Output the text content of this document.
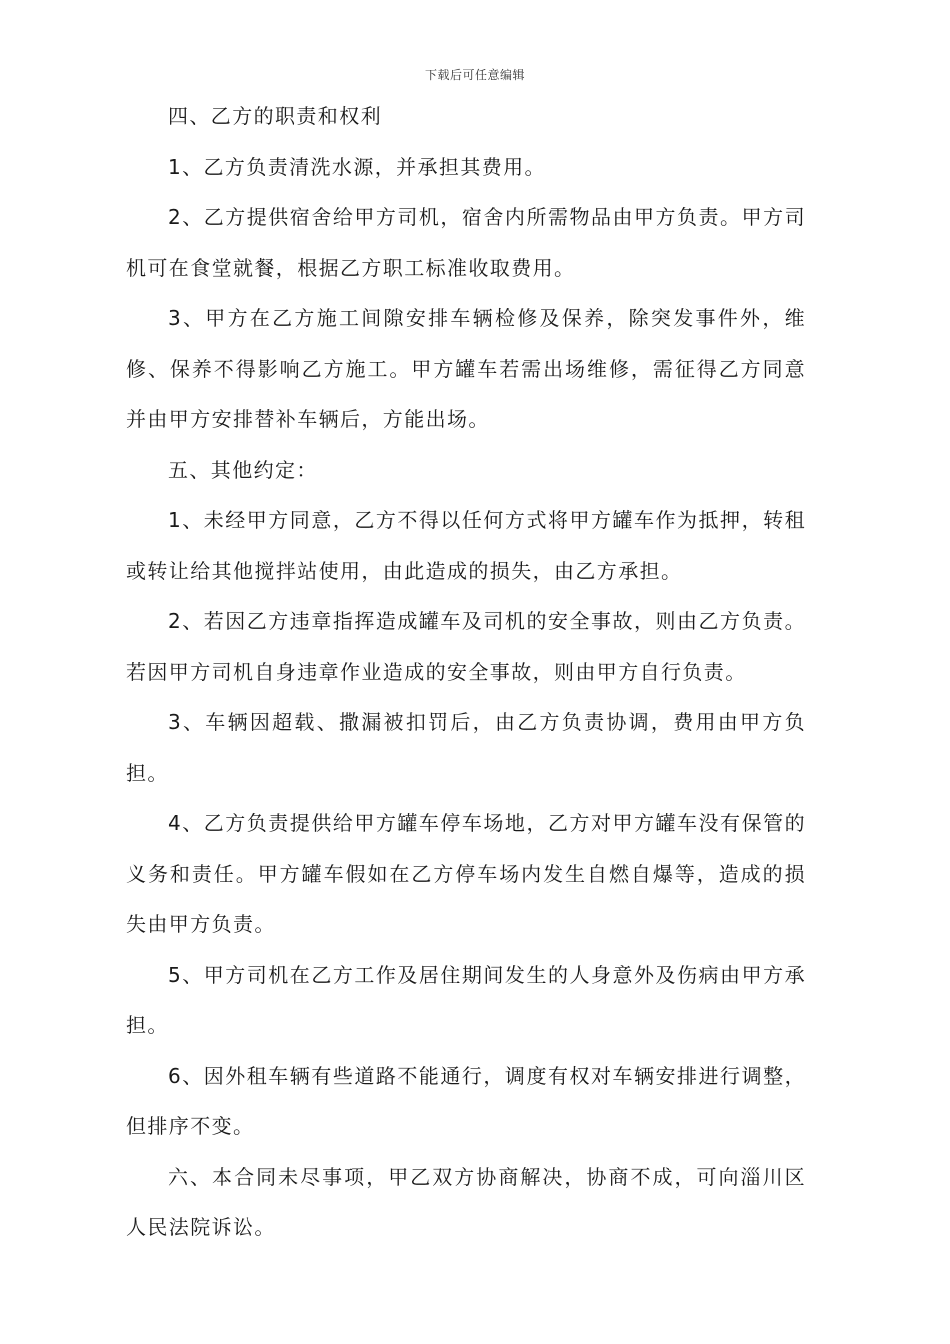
下载后可任意编辑

四、乙方的职责和权利

1、乙方负责清洗水源，并承担其费用。

2、乙方提供宿舍给甲方司机，宿舍内所需物品由甲方负责。甲方司机可在食堂就餐，根据乙方职工标准收取费用。

3、甲方在乙方施工间隙安排车辆检修及保养，除突发事件外，维修、保养不得影响乙方施工。甲方罐车若需出场维修，需征得乙方同意并由甲方安排替补车辆后，方能出场。

五、其他约定：

1、未经甲方同意，乙方不得以任何方式将甲方罐车作为抵押，转租或转让给其他搅拌站使用，由此造成的损失，由乙方承担。

2、若因乙方违章指挥造成罐车及司机的安全事故，则由乙方负责。若因甲方司机自身违章作业造成的安全事故，则由甲方自行负责。

3、车辆因超载、撒漏被扣罚后，由乙方负责协调，费用由甲方负担。

4、乙方负责提供给甲方罐车停车场地，乙方对甲方罐车没有保管的义务和责任。甲方罐车假如在乙方停车场内发生自燃自爆等，造成的损失由甲方负责。

5、甲方司机在乙方工作及居住期间发生的人身意外及伤病由甲方承担。

6、因外租车辆有些道路不能通行，调度有权对车辆安排进行调整，但排序不变。

六、本合同未尽事项，甲乙双方协商解决，协商不成，可向淄川区人民法院诉讼。
